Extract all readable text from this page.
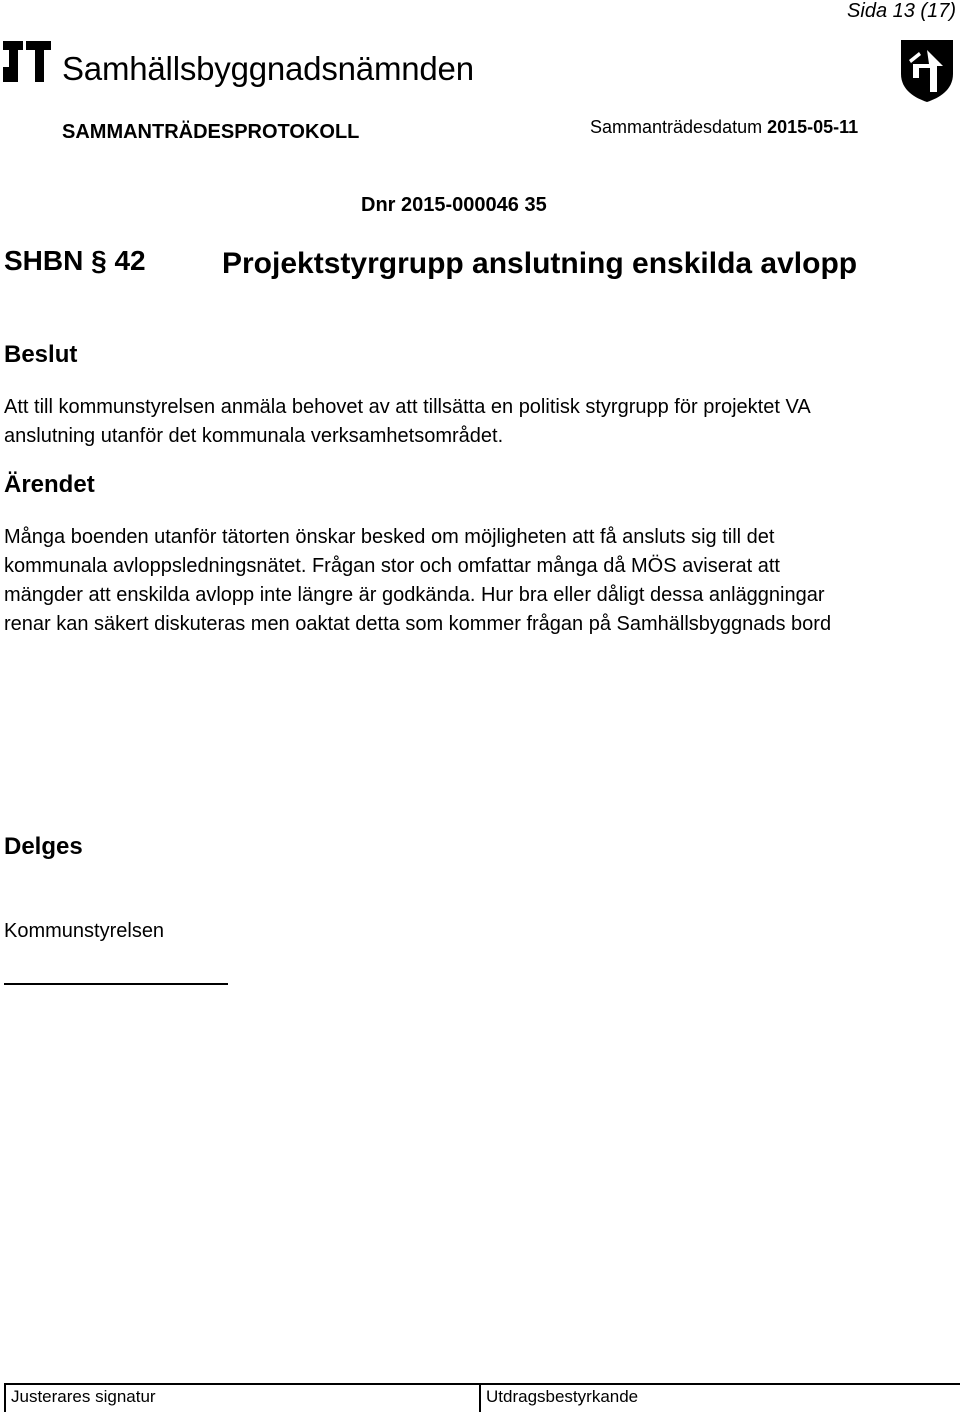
Sida 13 (17)
Samhällsbyggnadsnämnden
SAMMANTRÄDESPROTOKOLL	Sammanträdesdatum 2015-05-11
Dnr 2015-000046 35
SHBN § 42	Projektstyrgrupp anslutning enskilda avlopp
Beslut
Att till kommunstyrelsen anmäla behovet av att tillsätta en politisk styrgrupp för projektet VA anslutning utanför det kommunala verksamhetsområdet.
Ärendet
Många boenden utanför tätorten önskar besked om möjligheten att få ansluts sig till det kommunala avloppsledningsnätet. Frågan stor och omfattar många då MÖS aviserat att mängder att enskilda avlopp inte längre är godkända. Hur bra eller dåligt dessa anläggningar renar kan säkert diskuteras men oaktat detta som kommer frågan på Samhällsbyggnads bord
Delges
Kommunstyrelsen
Justerares signatur	Utdragsbestyrkande
